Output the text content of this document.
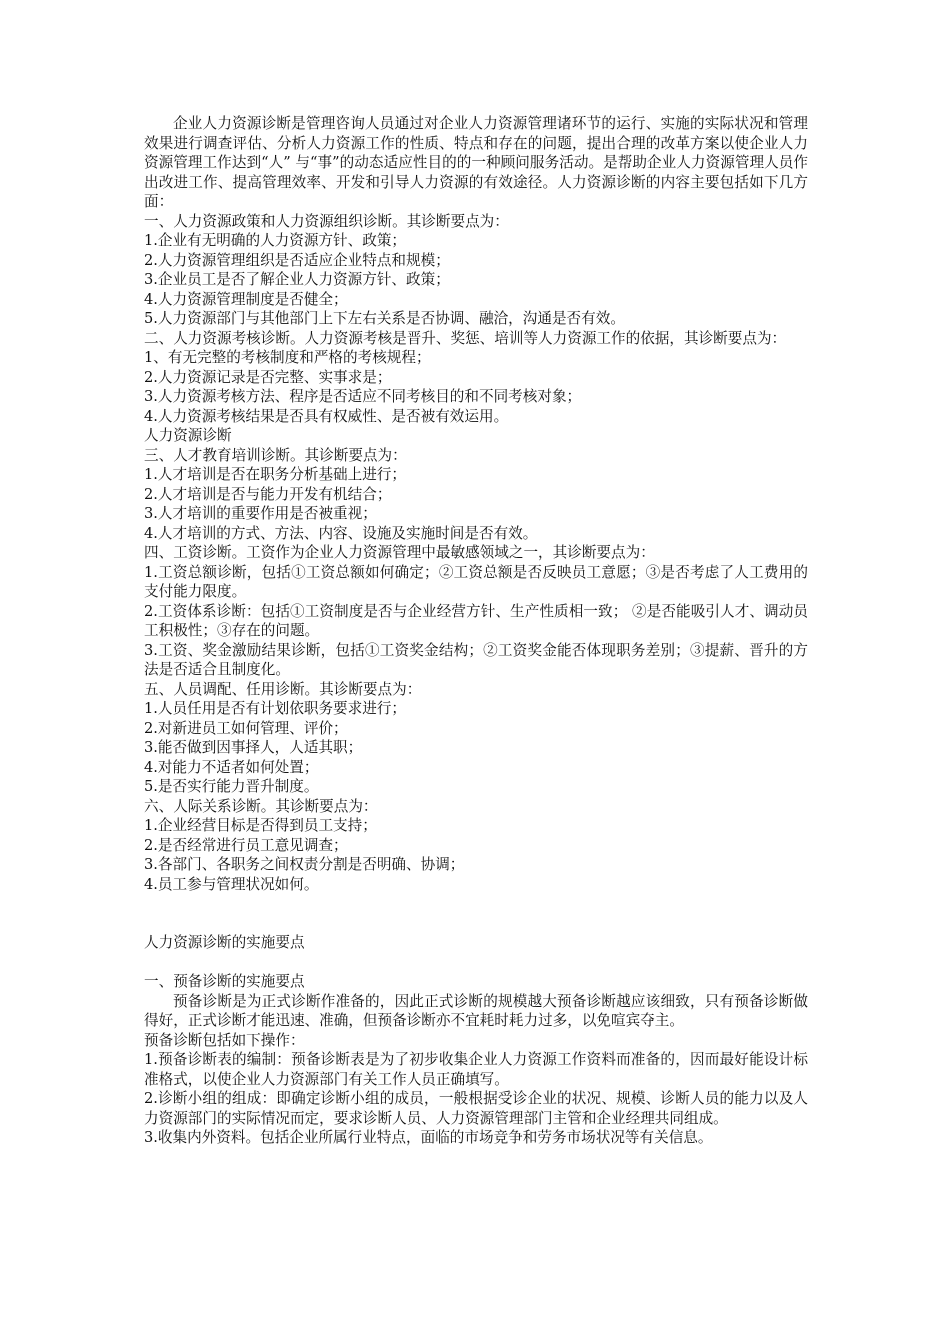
企业人力资源诊断是管理咨询人员通过对企业人力资源管理诸环节的运行、实施的实际状况和管理效果进行调查评估、分析人力资源工作的性质、特点和存在的问题，提出合理的改革方案以使企业人力资源管理工作达到“人” 与“事”的动态适应性目的的一种顾问服务活动。是帮助企业人力资源管理人员作出改进工作、提高管理效率、开发和引导人力资源的有效途径。人力资源诊断的内容主要包括如下几方面：

一、人力资源政策和人力资源组织诊断。其诊断要点为：

1.企业有无明确的人力资源方针、政策；

2.人力资源管理组织是否适应企业特点和规模；

3.企业员工是否了解企业人力资源方针、政策；

4.人力资源管理制度是否健全；

5.人力资源部门与其他部门上下左右关系是否协调、融洽，沟通是否有效。

二、人力资源考核诊断。人力资源考核是晋升、奖惩、培训等人力资源工作的依据，其诊断要点为：

1、有无完整的考核制度和严格的考核规程；

2.人力资源记录是否完整、实事求是；

3.人力资源考核方法、程序是否适应不同考核目的和不同考核对象；

4.人力资源考核结果是否具有权威性、是否被有效运用。

人力资源诊断

三、人才教育培训诊断。其诊断要点为：

1.人才培训是否在职务分析基础上进行；

2.人才培训是否与能力开发有机结合；

3.人才培训的重要作用是否被重视；

4.人才培训的方式、方法、内容、设施及实施时间是否有效。

四、工资诊断。工资作为企业人力资源管理中最敏感领域之一，其诊断要点为：

1.工资总额诊断，包括①工资总额如何确定；②工资总额是否反映员工意愿；③是否考虑了人工费用的支付能力限度。

2.工资体系诊断：包括①工资制度是否与企业经营方针、生产性质相一致； ②是否能吸引人才、调动员工积极性；③存在的问题。

3.工资、奖金激励结果诊断，包括①工资奖金结构；②工资奖金能否体现职务差别；③提薪、晋升的方法是否适合且制度化。

五、人员调配、任用诊断。其诊断要点为：

1.人员任用是否有计划依职务要求进行；

2.对新进员工如何管理、评价；

3.能否做到因事择人，人适其职；

4.对能力不适者如何处置；

5.是否实行能力晋升制度。

六、人际关系诊断。其诊断要点为：

1.企业经营目标是否得到员工支持；

2.是否经常进行员工意见调查；

3.各部门、各职务之间权责分割是否明确、协调；

4.员工参与管理状况如何。

人力资源诊断的实施要点

一、预备诊断的实施要点

预备诊断是为正式诊断作准备的，因此正式诊断的规模越大预备诊断越应该细致，只有预备诊断做得好，正式诊断才能迅速、准确，但预备诊断亦不宜耗时耗力过多，以免喧宾夺主。

预备诊断包括如下操作：

1.预备诊断表的编制：预备诊断表是为了初步收集企业人力资源工作资料而准备的，因而最好能设计标准格式，以使企业人力资源部门有关工作人员正确填写。

2.诊断小组的组成：即确定诊断小组的成员，一般根据受诊企业的状况、规模、诊断人员的能力以及人力资源部门的实际情况而定，要求诊断人员、人力资源管理部门主管和企业经理共同组成。

3.收集内外资料。包括企业所属行业特点，面临的市场竞争和劳务市场状况等有关信息。
